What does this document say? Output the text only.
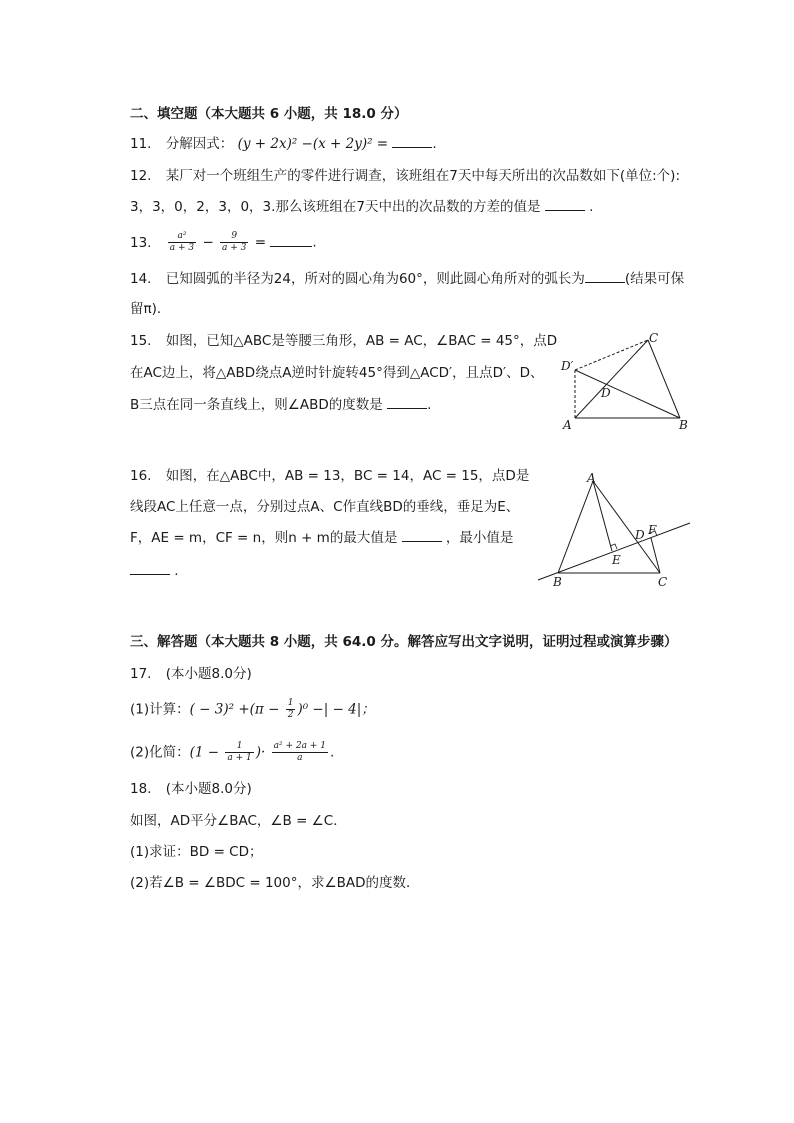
二、填空题（本大题共 6 小题，共 18.0 分）
11. 分解因式： (y + 2x)² −(x + 2y)² =	.
12. 某厂对一个班组生产的零件进行调查，该班组在7天中每天所出的次品数如下(单位:个):
3，3，0，2，3，0，3.那么该班组在7天中出的次品数的方差的值是	.
13. $\frac{\text{a²}}{a + 3} - \frac{9}{a + 3}$ =	.
14. 已知圆弧的半径为24，所对的圆心角为60°，则此圆心角所对的弧长为	(结果可保
留π)．
15. 如图，已知△ABC是等腰三角形，AB = AC，∠BAC = 45°，点D
在AC边上，将△ABD绕点A逆时针旋转45°得到△ACD′，且点D′、D、
B三点在同一条直线上，则∠ABD的度数是	.
A	B
C
D
D′
16. 如图，在△ABC中，AB = 13，BC = 14，AC = 15，点D是
线段AC上任意一点，分别过点A、C作直线BD的垂线，垂足为E、
F，AE = m，CF = n，则n + m的最大值是	，最小值是
.
A
B	C
D
E
F
三、解答题（本大题共 8 小题，共 64.0 分。解答应写出文字说明，证明过程或演算步骤）
17. (本小题8.0分)
(1)计算：( − $3)^2 +(\pi - \frac{1}{2} )^0$ −| − 4|；
(2)化简：($1 - \frac{1}{a + 1}$ )· $\frac{\text{a² + 2a + 1}}{a}$ .
18. (本小题8.0分)
如图，AD平分∠BAC，∠B = ∠C．
(1)求证：BD = CD；
(2)若∠B = ∠BDC = 100°，求∠BAD的度数．
